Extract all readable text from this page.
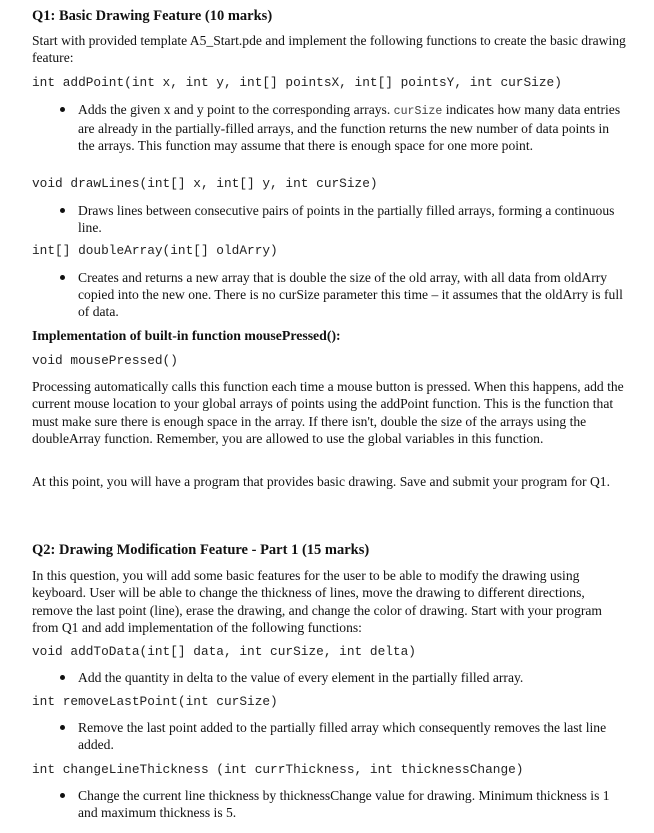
Q1: Basic Drawing Feature (10 marks)
Start with provided template A5_Start.pde and implement the following functions to create the basic drawing feature:
int addPoint(int x, int y, int[] pointsX, int[] pointsY, int curSize)
Adds the given x and y point to the corresponding arrays. curSize indicates how many data entries are already in the partially-filled arrays, and the function returns the new number of data points in the arrays. This function may assume that there is enough space for one more point.
void drawLines(int[] x, int[] y, int curSize)
Draws lines between consecutive pairs of points in the partially filled arrays, forming a continuous line.
int[] doubleArray(int[] oldArry)
Creates and returns a new array that is double the size of the old array, with all data from oldArry copied into the new one. There is no curSize parameter this time – it assumes that the oldArry is full of data.
Implementation of built-in function mousePressed():
void mousePressed()
Processing automatically calls this function each time a mouse button is pressed. When this happens, add the current mouse location to your global arrays of points using the addPoint function. This is the function that must make sure there is enough space in the array. If there isn't, double the size of the arrays using the doubleArray function. Remember, you are allowed to use the global variables in this function.
At this point, you will have a program that provides basic drawing. Save and submit your program for Q1.
Q2: Drawing Modification Feature - Part 1 (15 marks)
In this question, you will add some basic features for the user to be able to modify the drawing using keyboard. User will be able to change the thickness of lines, move the drawing to different directions, remove the last point (line), erase the drawing, and change the color of drawing. Start with your program from Q1 and add implementation of the following functions:
void addToData(int[] data, int curSize, int delta)
Add the quantity in delta to the value of every element in the partially filled array.
int removeLastPoint(int curSize)
Remove the last point added to the partially filled array which consequently removes the last line added.
int changeLineThickness (int currThickness, int thicknessChange)
Change the current line thickness by thicknessChange value for drawing. Minimum thickness is 1 and maximum thickness is 5.
